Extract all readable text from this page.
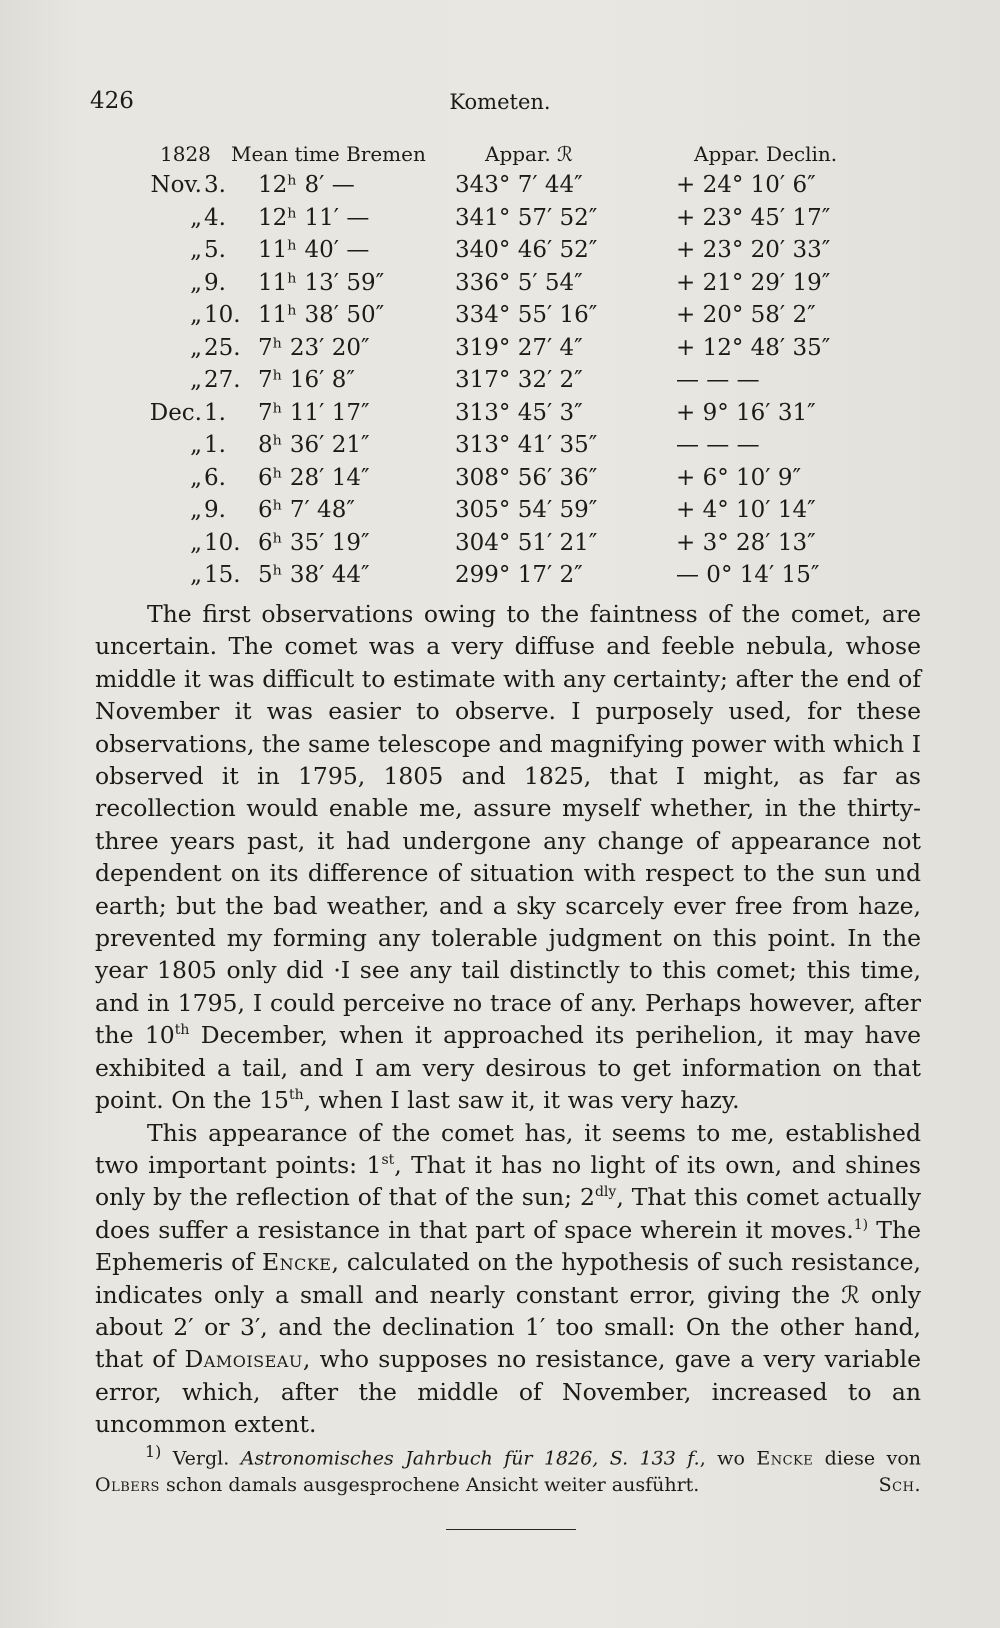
426	Kometen.
1828 Mean time Bremen	Appar. ℛ	Appar. Declin.
Nov. 3.	12ʰ 8′ —	343° 7′ 44″	+ 24° 10′ 6″
„ 4.	12ʰ 11′ —	341° 57′ 52″	+ 23° 45′ 17″
„ 5.	11ʰ 40′ —	340° 46′ 52″	+ 23° 20′ 33″
„ 9.	11ʰ 13′ 59″	336° 5′ 54″	+ 21° 29′ 19″
„ 10. 11ʰ 38′ 50″	334° 55′ 16″	+ 20° 58′ 2″
„ 25. 7ʰ 23′ 20″	319° 27′ 4″	+ 12° 48′ 35″
„ 27. 7ʰ 16′ 8″	317° 32′ 2″	— — —
Dec. 1.	7ʰ 11′ 17″	313° 45′ 3″	+ 9° 16′ 31″
„ 1.	8ʰ 36′ 21″	313° 41′ 35″	— — —
„ 6.	6ʰ 28′ 14″	308° 56′ 36″	+ 6° 10′ 9″
„ 9.	6ʰ 7′ 48″	305° 54′ 59″	+ 4° 10′ 14″
„ 10. 6ʰ 35′ 19″	304° 51′ 21″	+ 3° 28′ 13″
„ 15. 5ʰ 38′ 44″	299° 17′ 2″	— 0° 14′ 15″

The first observations owing to the faintness of the comet, are uncertain. The comet was a very diffuse and feeble nebula, whose middle it was difficult to estimate with any certainty; after the end of November it was easier to observe. I purposely used, for these observations, the same telescope and magnifying power with which I observed it in 1795, 1805 and 1825, that I might, as far as recollection would enable me, assure myself whether, in the thirty-three years past, it had undergone any change of appearance not dependent on its difference of situation with respect to the sun und earth; but the bad weather, and a sky scarcely ever free from haze, prevented my forming any tolerable judgment on this point. In the year 1805 only did ·I see any tail distinctly to this comet; this time, and in 1795, I could perceive no trace of any. Perhaps however, after the 10th December, when it approached its perihelion, it may have exhibited a tail, and I am very desirous to get information on that point. On the 15th, when I last saw it, it was very hazy.

This appearance of the comet has, it seems to me, established two important points: 1st, That it has no light of its own, and shines only by the reflection of that of the sun; $2^{dly}$, That this comet actually does suffer a resistance in that part of space wherein it moves.$^{1)}$ The Ephemeris of Encke, calculated on the hypothesis of such resistance, indicates only a small and nearly constant error, giving the ℛ only about 2′ or 3′, and the declination 1′ too small: On the other hand, that of Damoiseau, who supposes no resistance, gave a very variable error, which, after the middle of November, increased to an uncommon extent.

$^{1)}$ Vergl. Astronomisches Jahrbuch für 1826, S. 133 f., wo Encke diese von Olbers schon damals ausgesprochene Ansicht weiter ausführt.	Sch.
